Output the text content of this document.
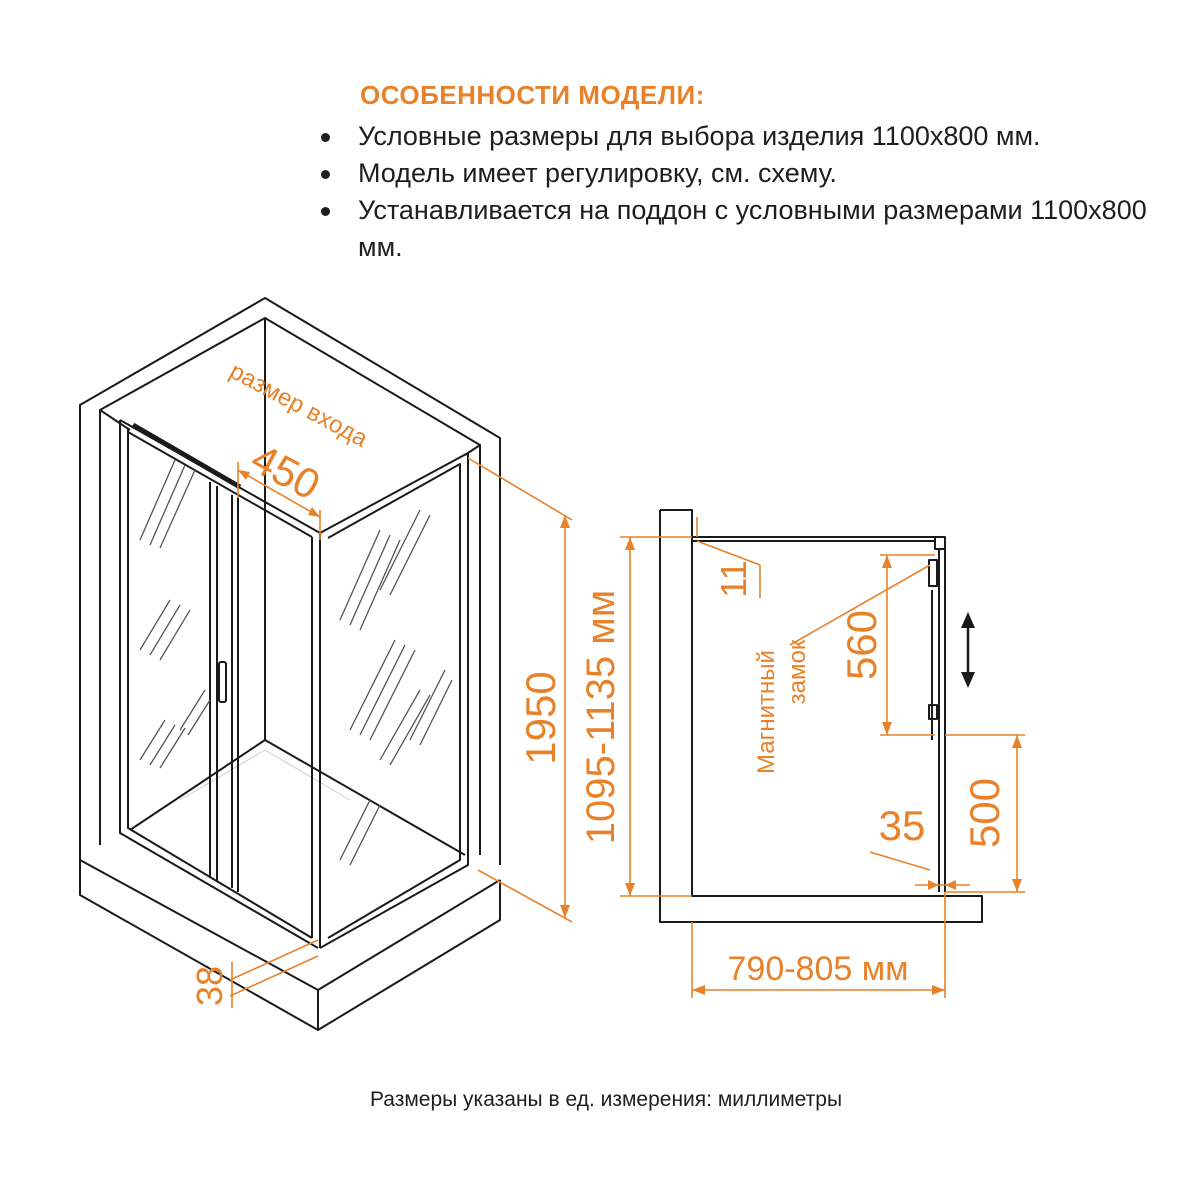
ОСОБЕННОСТИ МОДЕЛИ:
Условные размеры для выбора изделия 1100x800 мм.
Модель имеет регулировку, см. схему.
Устанавливается на поддон с условными размерами 1100x800 мм.
размер входа
450
1950
38
1095-1135 мм
11
Магнитный замок 560
500
35
790-805 мм
Размеры указаны в ед. измерения: миллиметры
